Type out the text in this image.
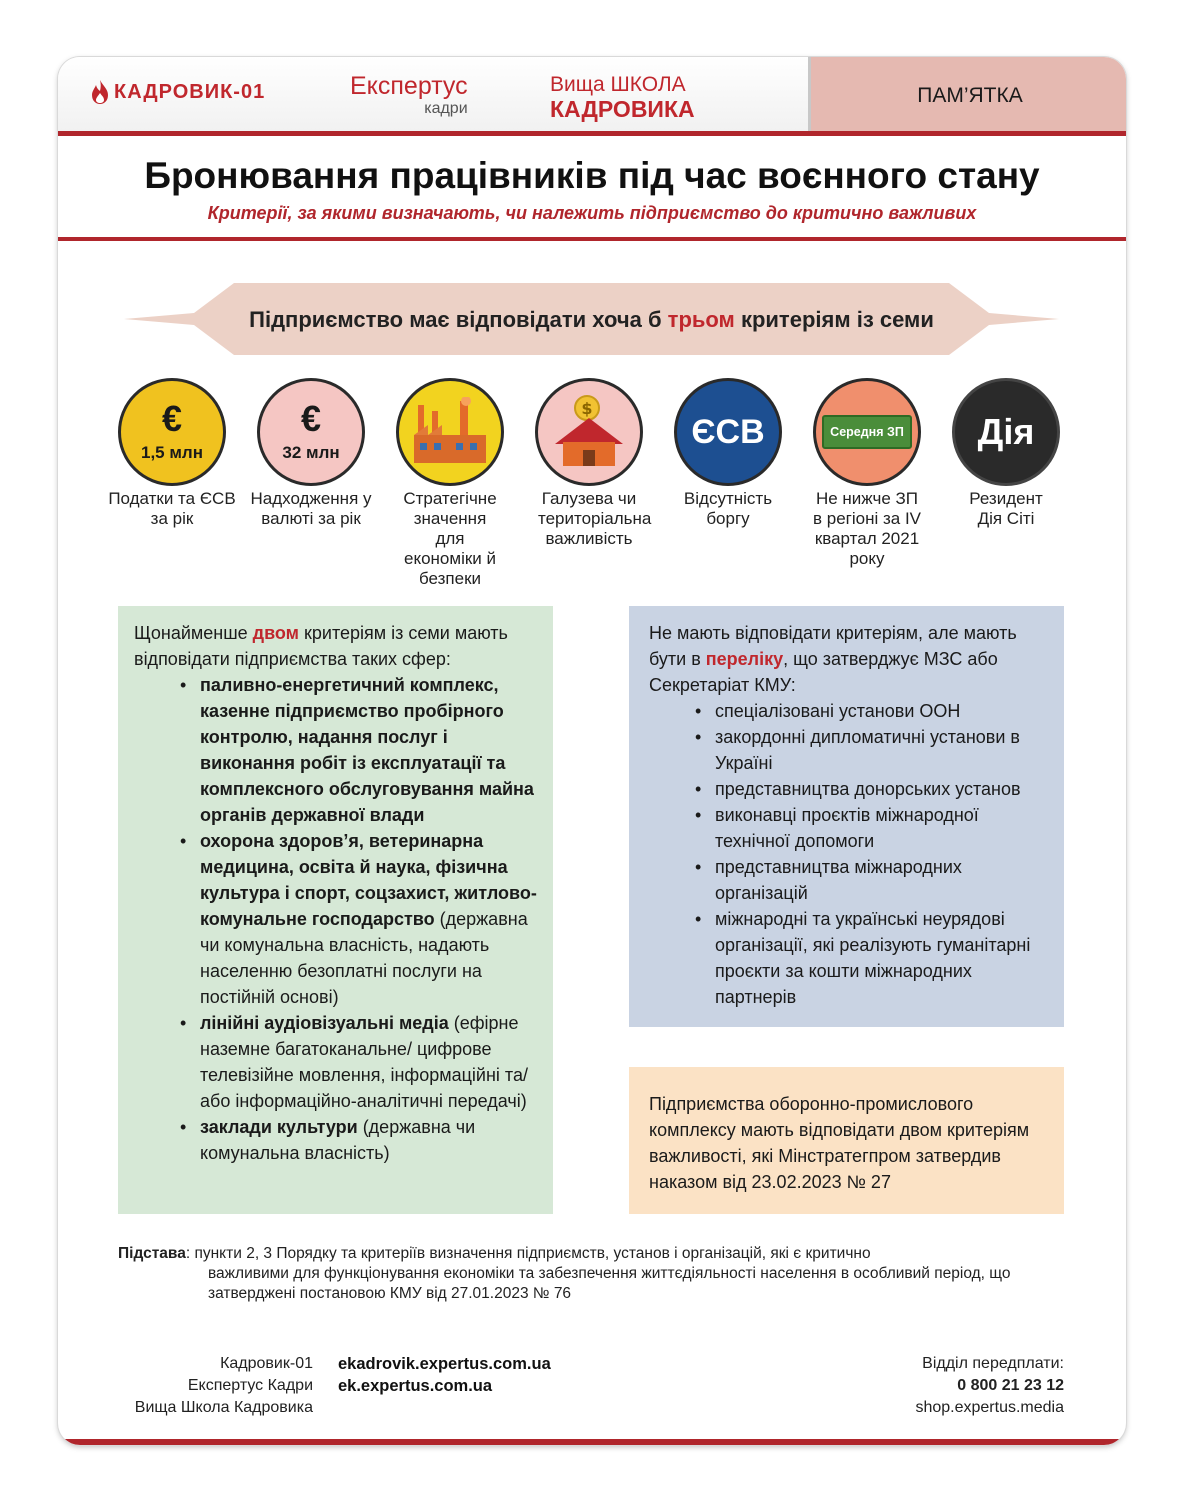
КАДРОВИК-01	Експертус
кадри
Вища ШКОЛА
КАДРОВИКА
ПАМ’ЯТКА
Бронювання працівників під час воєнного стану
Критерії, за якими визначають, чи належить підприємство до критично важливих
Підприємство має відповідати хоча б трьом критеріям із семи
€
1,5 млн
€
32 млн
$
ЄСВ	Середня ЗП Дія
Податки та ЄСВ за рік
Надходження у валюті за рік
Стратегічне значення для економіки й безпеки
Галузева чи територіальна важливість
Відсутність боргу
Не нижче ЗП в регіоні за IV квартал 2021 року
Резидент Дія Сіті
Щонайменше двом критеріям із семи мають відповідати підприємства таких сфер:
• паливно-енергетичний комплекс, казенне підприємство пробірного контролю, надання послуг і виконання робіт із експлуатації та комплексного обслуговування майна органів державної влади
• охорона здоров’я, ветеринарна медицина, освіта й наука, фізична культура і спорт, соцзахист, житлово-комунальне господарство (державна чи комунальна власність, надають населенню безоплатні послуги на постійній основі)
• лінійні аудіовізуальні медіа (ефірне наземне багатоканальне/ цифрове телевізійне мовлення, інформаційні та/або інформаційно-аналітичні передачі)
• заклади культури (державна чи комунальна власність)
Не мають відповідати критеріям, але мають бути в переліку, що затверджує МЗС або Секретаріат КМУ:
• спеціалізовані установи ООН
• закордонні дипломатичні установи в Україні
• представництва донорських установ
• виконавці проєктів міжнародної технічної допомоги
• представництва міжнародних організацій
• міжнародні та українські неурядові організації, які реалізують гуманітарні проєкти за кошти міжнародних партнерів
Підприємства оборонно-промислового комплексу мають відповідати двом критеріям важливості, які Мінстратегпром затвердив наказом від 23.02.2023 № 27
Підстава: пункти 2, 3 Порядку та критеріїв визначення підприємств, установ і організацій, які є критично
важливими для функціонування економіки та забезпечення життєдіяльності населення в особливий період, що затверджені постановою КМУ від 27.01.2023 № 76
Кадровик-01
Експертус Кадри
Вища Школа Кадровика
ekadrovik.expertus.com.ua
ek.expertus.com.ua
Відділ передплати:
0 800 21 23 12
shop.expertus.media
